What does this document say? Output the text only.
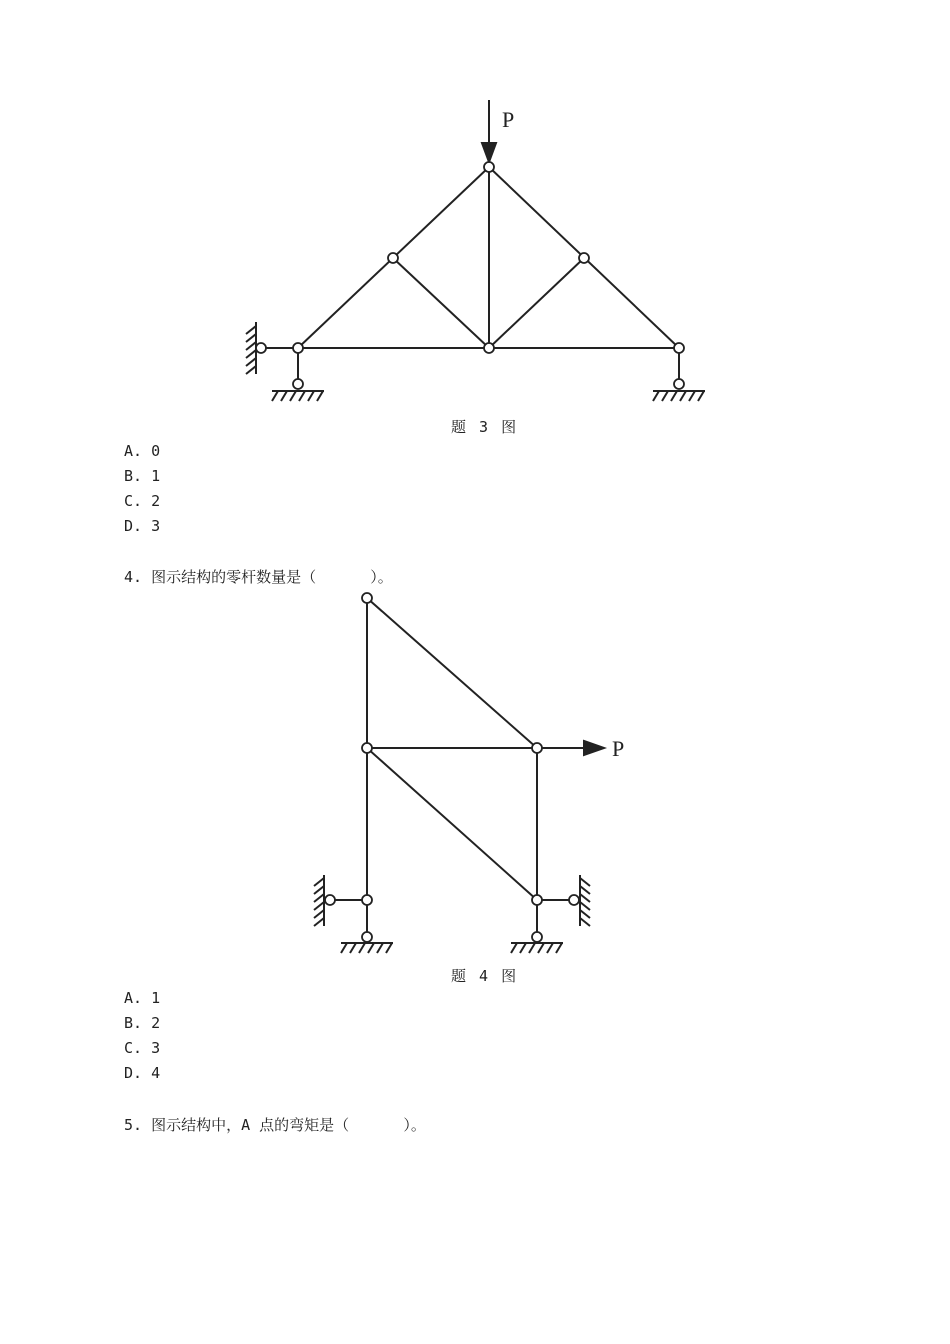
P
题 3 图
A. 0
B. 1
C. 2
D. 3
4. 图示结构的零杆数量是（      ）。
P
题 4 图
A. 1
B. 2
C. 3
D. 4
5. 图示结构中，A 点的弯矩是（      ）。
